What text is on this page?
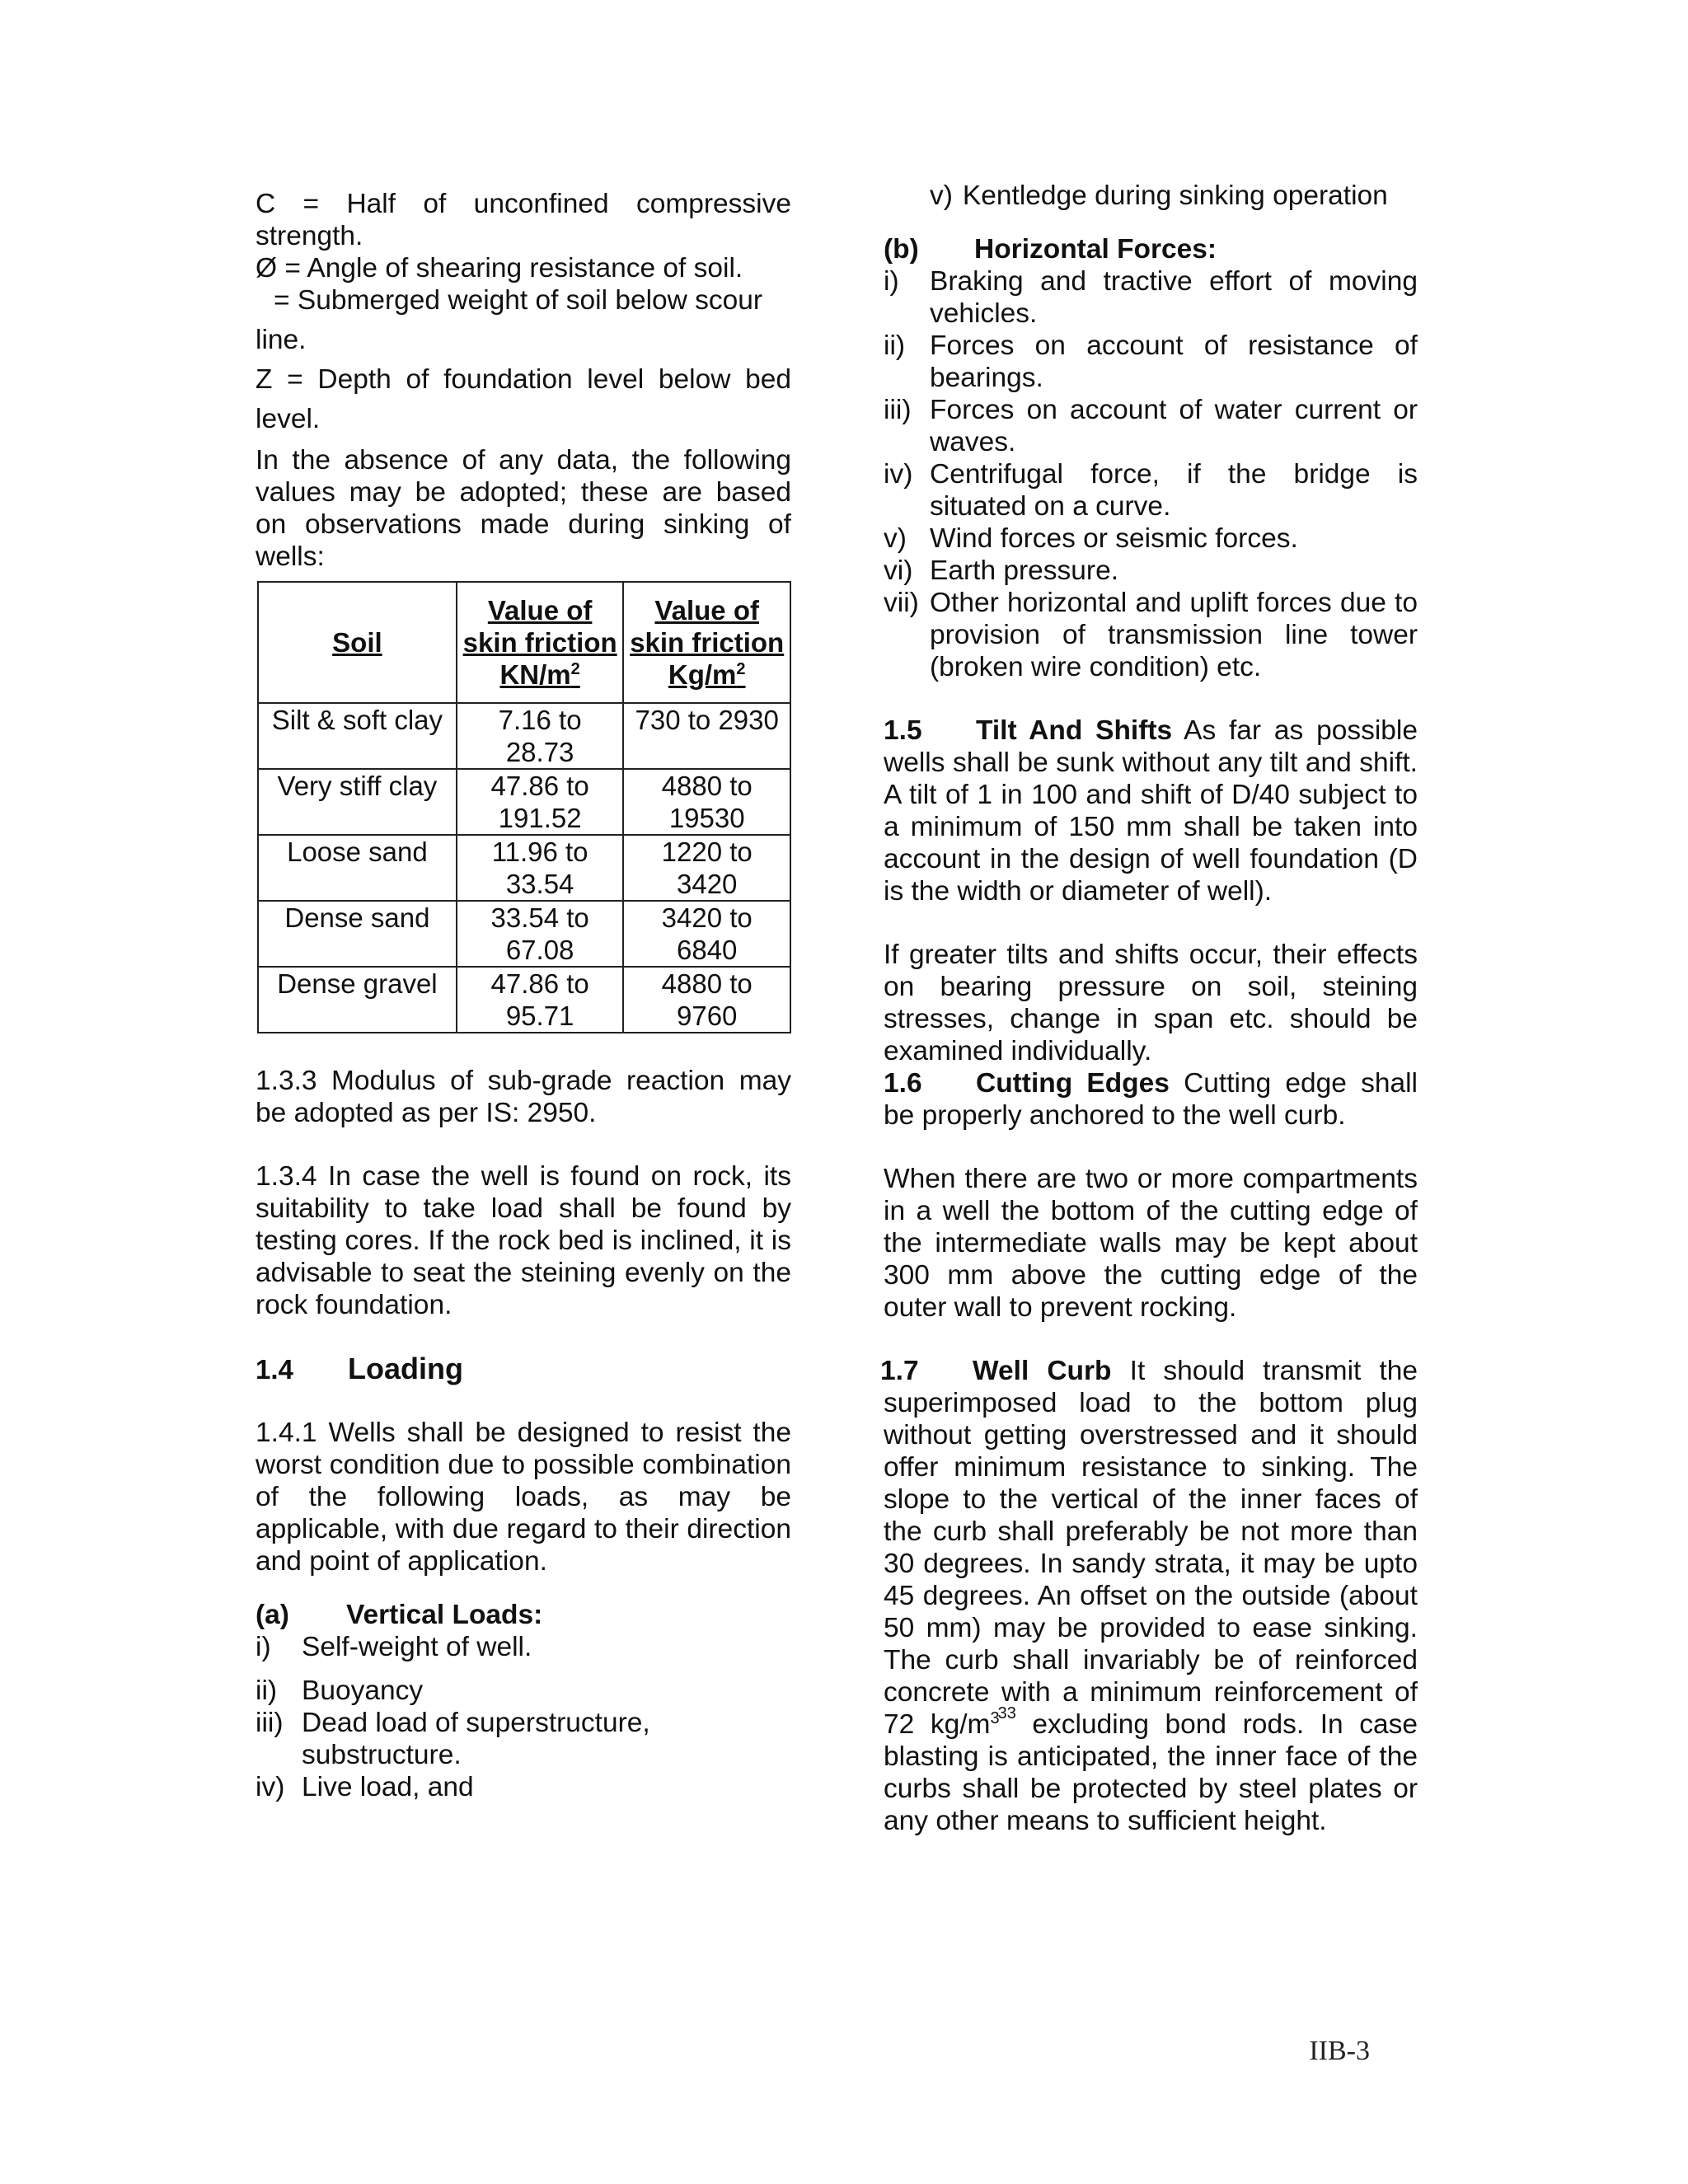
C = Half of unconfined compressive

strength.

Ø = Angle of shearing resistance of soil.

= Submerged weight of soil below scour

line.

Z = Depth of foundation level below bed

level.

In the absence of any data, the following values may be adopted; these are based on observations made during sinking of wells:

Soil	Value of skin friction $KN/m^2$	Value of skin friction $Kg/m^2$
Silt & soft clay	7.16 to 28.73	730 to 2930
Very stiff clay	47.86 to 191.52	4880 to 19530
Loose sand	11.96 to 33.54	1220 to 3420
Dense sand	33.54 to 67.08	3420 to 6840
Dense gravel	47.86 to 95.71	4880 to 9760

1.3.3 Modulus of sub-grade reaction may be adopted as per IS: 2950.

1.3.4 In case the well is found on rock, its suitability to take load shall be found by testing cores. If the rock bed is inclined, it is advisable to seat the steining evenly on the rock foundation.

1.4	Loading

1.4.1 Wells shall be designed to resist the worst condition due to possible combination of the following loads, as may be applicable, with due regard to their direction and point of application.

(a)	Vertical Loads:
i) Self-weight of well.
ii) Buoyancy
iii) Dead load of superstructure, substructure.
iv) Live load, and
v) Kentledge during sinking operation
(b)	Horizontal Forces:
i) Braking and tractive effort of moving vehicles.
ii) Forces on account of resistance of bearings.
iii) Forces on account of water current or waves.
iv) Centrifugal force, if the bridge is situated on a curve.
v) Wind forces or seismic forces.
vi) Earth pressure.
vii) Other horizontal and uplift forces due to provision of transmission line tower (broken wire condition) etc.

1.5 Tilt And Shifts As far as possible wells shall be sunk without any tilt and shift. A tilt of 1 in 100 and shift of D/40 subject to a minimum of 150 mm shall be taken into account in the design of well foundation (D is the width or diameter of well).

If greater tilts and shifts occur, their effects on bearing pressure on soil, steining stresses, change in span etc. should be examined individually.

1.6 Cutting Edges Cutting edge shall be properly anchored to the well curb.

When there are two or more compartments in a well the bottom of the cutting edge of the intermediate walls may be kept about 300 mm above the cutting edge of the outer wall to prevent rocking.

1.7 Well Curb It should transmit the superimposed load to the bottom plug without getting overstressed and it should offer minimum resistance to sinking. The slope to the vertical of the inner faces of the curb shall preferably be not more than 30 degrees. In sandy strata, it may be upto 45 degrees. An offset on the outside (about 50 mm) may be provided to ease sinking. The curb shall invariably be of reinforced concrete with a minimum reinforcement of 72 $kg/m^{333}$ excluding bond rods. In case blasting is anticipated, the inner face of the curbs shall be protected by steel plates or any other means to sufficient height.

IIB-3
